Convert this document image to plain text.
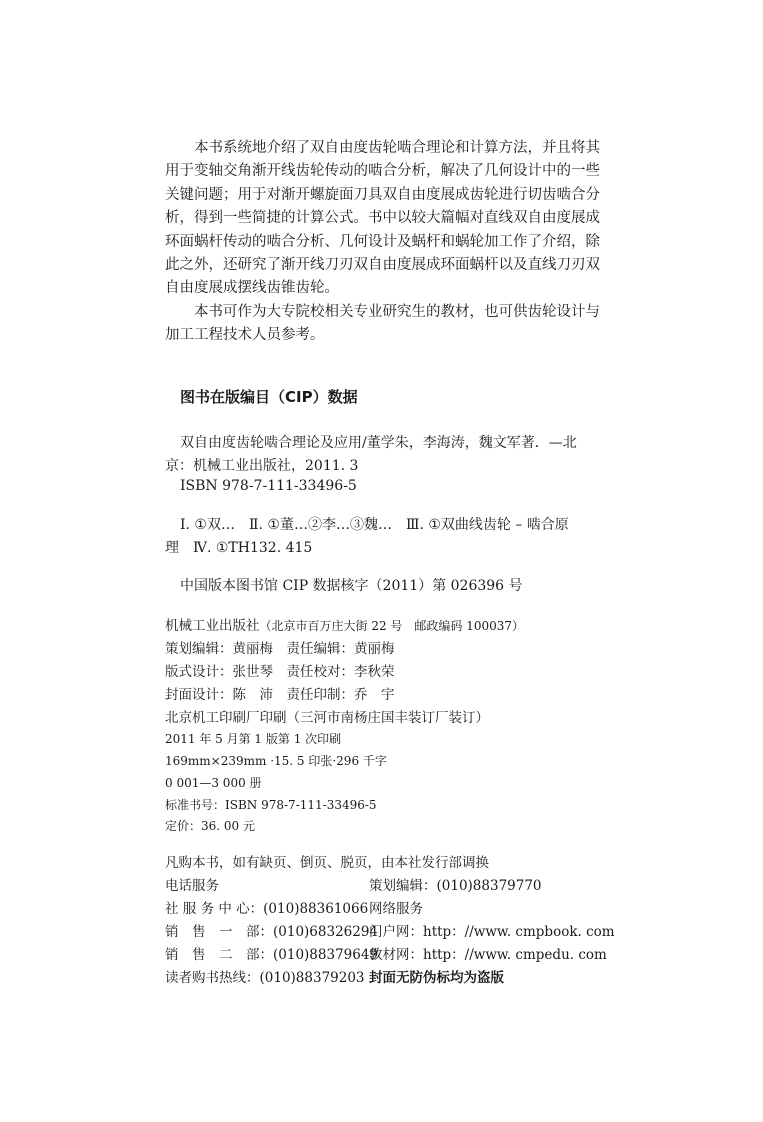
本书系统地介绍了双自由度齿轮啮合理论和计算方法，并且将其

用于变轴交角渐开线齿轮传动的啮合分析，解决了几何设计中的一些

关键问题；用于对渐开螺旋面刀具双自由度展成齿轮进行切齿啮合分

析，得到一些简捷的计算公式。书中以较大篇幅对直线双自由度展成

环面蜗杆传动的啮合分析、几何设计及蜗杆和蜗轮加工作了介绍，除

此之外，还研究了渐开线刀刃双自由度展成环面蜗杆以及直线刀刃双

自由度展成摆线齿锥齿轮。

本书可作为大专院校相关专业研究生的教材，也可供齿轮设计与

加工工程技术人员参考。

图书在版编目（CIP）数据
双自由度齿轮啮合理论及应用/董学朱，李海涛，魏文军著．—北
京：机械工业出版社，2011. 3
ISBN 978-7-111-33496-5
Ⅰ. ①双…　Ⅱ. ①董…②李…③魏…　Ⅲ. ①双曲线齿轮 – 啮合原
理　Ⅳ. ①TH132. 415
中国版本图书馆 CIP 数据核字（2011）第 026396 号
机械工业出版社（北京市百万庄大街 22 号　邮政编码 100037）
策划编辑：黄丽梅　责任编辑：黄丽梅
版式设计：张世琴　责任校对：李秋荣
封面设计：陈　沛　责任印制：乔　宇
北京机工印刷厂印刷（三河市南杨庄国丰装订厂装订）
2011 年 5 月第 1 版第 1 次印刷
169mm×239mm ·15. 5 印张·296 千字
0 001—3 000 册
标准书号：ISBN 978-7-111-33496-5
定价：36. 00 元
凡购本书，如有缺页、倒页、脱页，由本社发行部调换
电话服务	策划编辑：(010)88379770
社 服 务 中 心：(010)88361066 网络服务
销　售　一　部：(010)68326294
门户网：http：//www. cmpbook. com
销　售　二　部：(010)88379649
教材网：http：//www. cmpedu. com
读者购书热线：(010)88379203 封面无防伪标均为盗版
